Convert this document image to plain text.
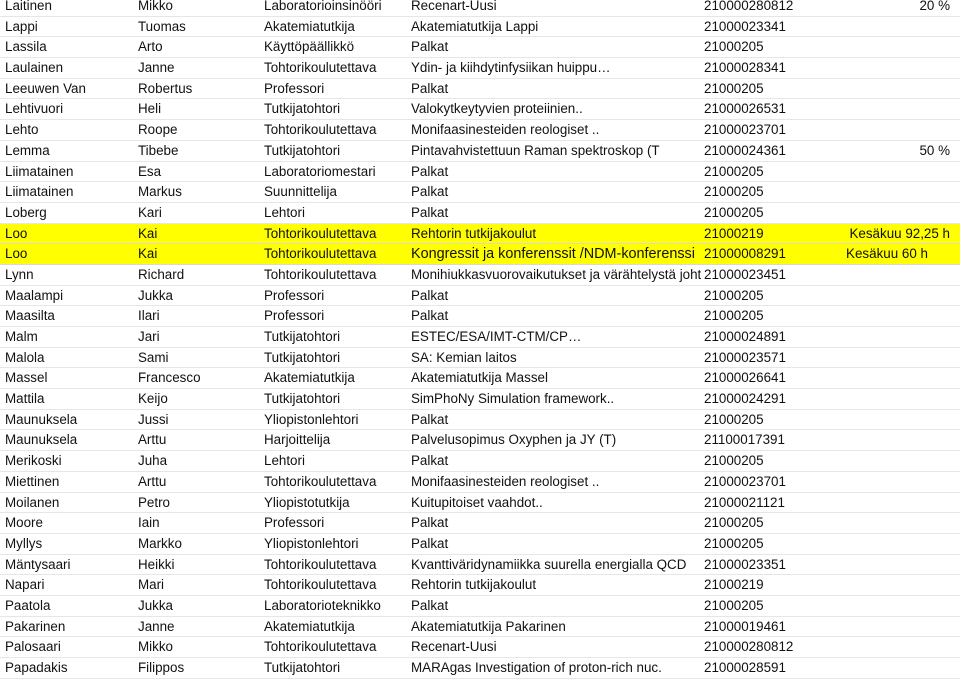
Laitinen	Mikko	Laboratorioinsinööri	Recenart-Uusi	210000280812	20 %
Lappi	Tuomas	Akatemiatutkija	Akatemiatutkija Lappi	21000023341
Lassila	Arto	Käyttöpäällikkö	Palkat	21000205
Laulainen	Janne	Tohtorikoulutettava	Ydin- ja kiihdytinfysiikan huippu…	21000028341
Leeuwen Van	Robertus	Professori	Palkat	21000205
Lehtivuori	Heli	Tutkijatohtori	Valokytkeytyvien proteiinien..	21000026531
Lehto	Roope	Tohtorikoulutettava	Monifaasinesteiden reologiset ..	21000023701
Lemma	Tibebe	Tutkijatohtori	Pintavahvistettuun Raman spektroskop (T	21000024361	50 %
Liimatainen	Esa	Laboratoriomestari	Palkat	21000205
Liimatainen	Markus	Suunnittelija	Palkat	21000205
Loberg	Kari	Lehtori	Palkat	21000205
Loo	Kai	Tohtorikoulutettava	Rehtorin tutkijakoulut	21000219	Kesäkuu 92,25 h
Loo	Kai	Tohtorikoulutettava	Kongressit ja konferenssit /NDM-konferenssi 21000008291	Kesäkuu 60 h
Lynn	Richard	Tohtorikoulutettava	Monihiukkasvuorovaikutukset ja värähtelystä joht 21000023451
Maalampi	Jukka	Professori	Palkat	21000205
Maasilta	Ilari	Professori	Palkat	21000205
Malm	Jari	Tutkijatohtori	ESTEC/ESA/IMT-CTM/CP…	21000024891
Malola	Sami	Tutkijatohtori	SA: Kemian laitos	21000023571
Massel	Francesco	Akatemiatutkija	Akatemiatutkija Massel	21000026641
Mattila	Keijo	Tutkijatohtori	SimPhoNy Simulation framework..	21000024291
Maunuksela	Jussi	Yliopistonlehtori	Palkat	21000205
Maunuksela	Arttu	Harjoittelija	Palvelusopimus Oxyphen ja JY (T)	21100017391
Merikoski	Juha	Lehtori	Palkat	21000205
Miettinen	Arttu	Tohtorikoulutettava	Monifaasinesteiden reologiset ..	21000023701
Moilanen	Petro	Yliopistotutkija	Kuitupitoiset vaahdot..	21000021121
Moore	Iain	Professori	Palkat	21000205
Myllys	Markko	Yliopistonlehtori	Palkat	21000205
Mäntysaari	Heikki	Tohtorikoulutettava	Kvanttiväridynamiikka suurella energialla QCD	21000023351
Napari	Mari	Tohtorikoulutettava	Rehtorin tutkijakoulut	21000219
Paatola	Jukka	Laboratorioteknikko	Palkat	21000205
Pakarinen	Janne	Akatemiatutkija	Akatemiatutkija Pakarinen	21000019461
Palosaari	Mikko	Tohtorikoulutettava	Recenart-Uusi	210000280812
Papadakis	Filippos	Tutkijatohtori	MARAgas Investigation of proton-rich nuc.	21000028591
